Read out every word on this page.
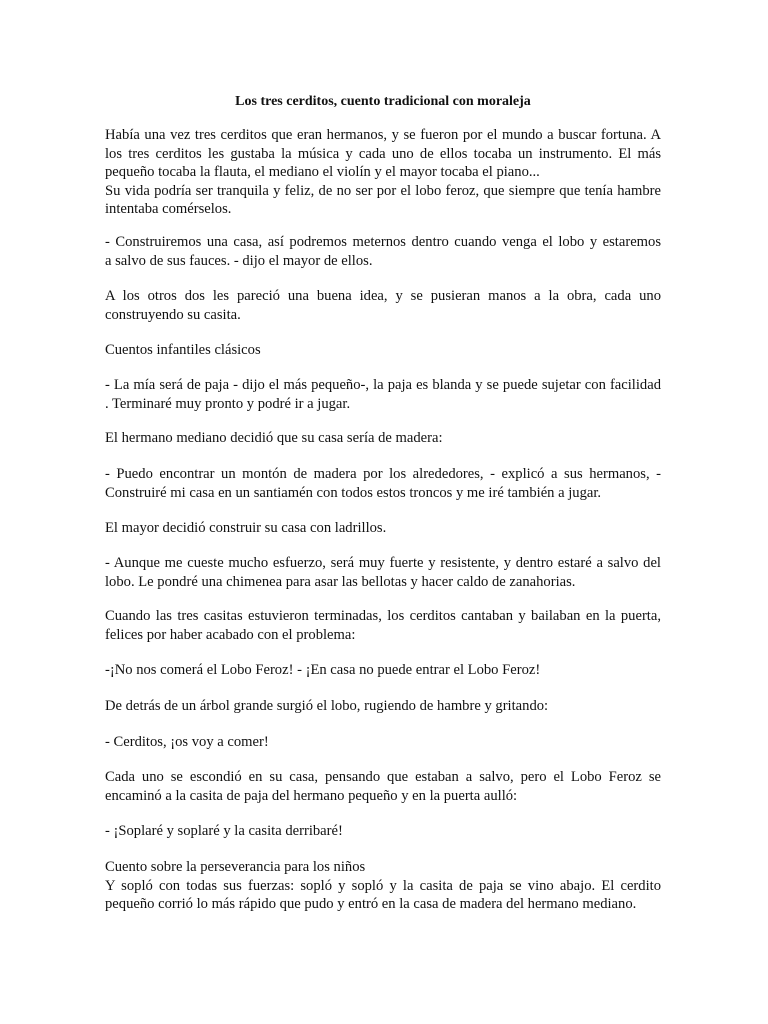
Los tres cerditos, cuento tradicional con moraleja
Había una vez tres cerditos que eran hermanos, y se fueron por el mundo a buscar fortuna. A
los tres cerditos les gustaba la música y cada uno de ellos tocaba un instrumento. El más
pequeño tocaba la flauta, el mediano el violín y el mayor tocaba el piano...
Su vida podría ser tranquila y feliz, de no ser por el lobo feroz, que siempre que tenía hambre
intentaba comérselos.
- Construiremos una casa, así podremos meternos dentro cuando venga el lobo y estaremos
a salvo de sus fauces. - dijo el mayor de ellos.
A los otros dos les pareció una buena idea, y se pusieran manos a la obra, cada uno
construyendo su casita.
Cuentos infantiles clásicos
- La mía será de paja - dijo el más pequeño-, la paja es blanda y se puede sujetar con facilidad
. Terminaré muy pronto y podré ir a jugar.
El hermano mediano decidió que su casa sería de madera:
- Puedo encontrar un montón de madera por los alrededores, - explicó a sus hermanos, -
Construiré mi casa en un santiamén con todos estos troncos y me iré también a jugar.
El mayor decidió construir su casa con ladrillos.
- Aunque me cueste mucho esfuerzo, será muy fuerte y resistente, y dentro estaré a salvo del
lobo. Le pondré una chimenea para asar las bellotas y hacer caldo de zanahorias.
Cuando las tres casitas estuvieron terminadas, los cerditos cantaban y bailaban en la puerta,
felices por haber acabado con el problema:
-¡No nos comerá el Lobo Feroz! - ¡En casa no puede entrar el Lobo Feroz!
De detrás de un árbol grande surgió el lobo, rugiendo de hambre y gritando:
- Cerditos, ¡os voy a comer!
Cada uno se escondió en su casa, pensando que estaban a salvo, pero el Lobo Feroz se
encaminó a la casita de paja del hermano pequeño y en la puerta aulló:
- ¡Soplaré y soplaré y la casita derribaré!
Cuento sobre la perseverancia para los niños
Y sopló con todas sus fuerzas: sopló y sopló y la casita de paja se vino abajo. El cerdito
pequeño corrió lo más rápido que pudo y entró en la casa de madera del hermano mediano.
